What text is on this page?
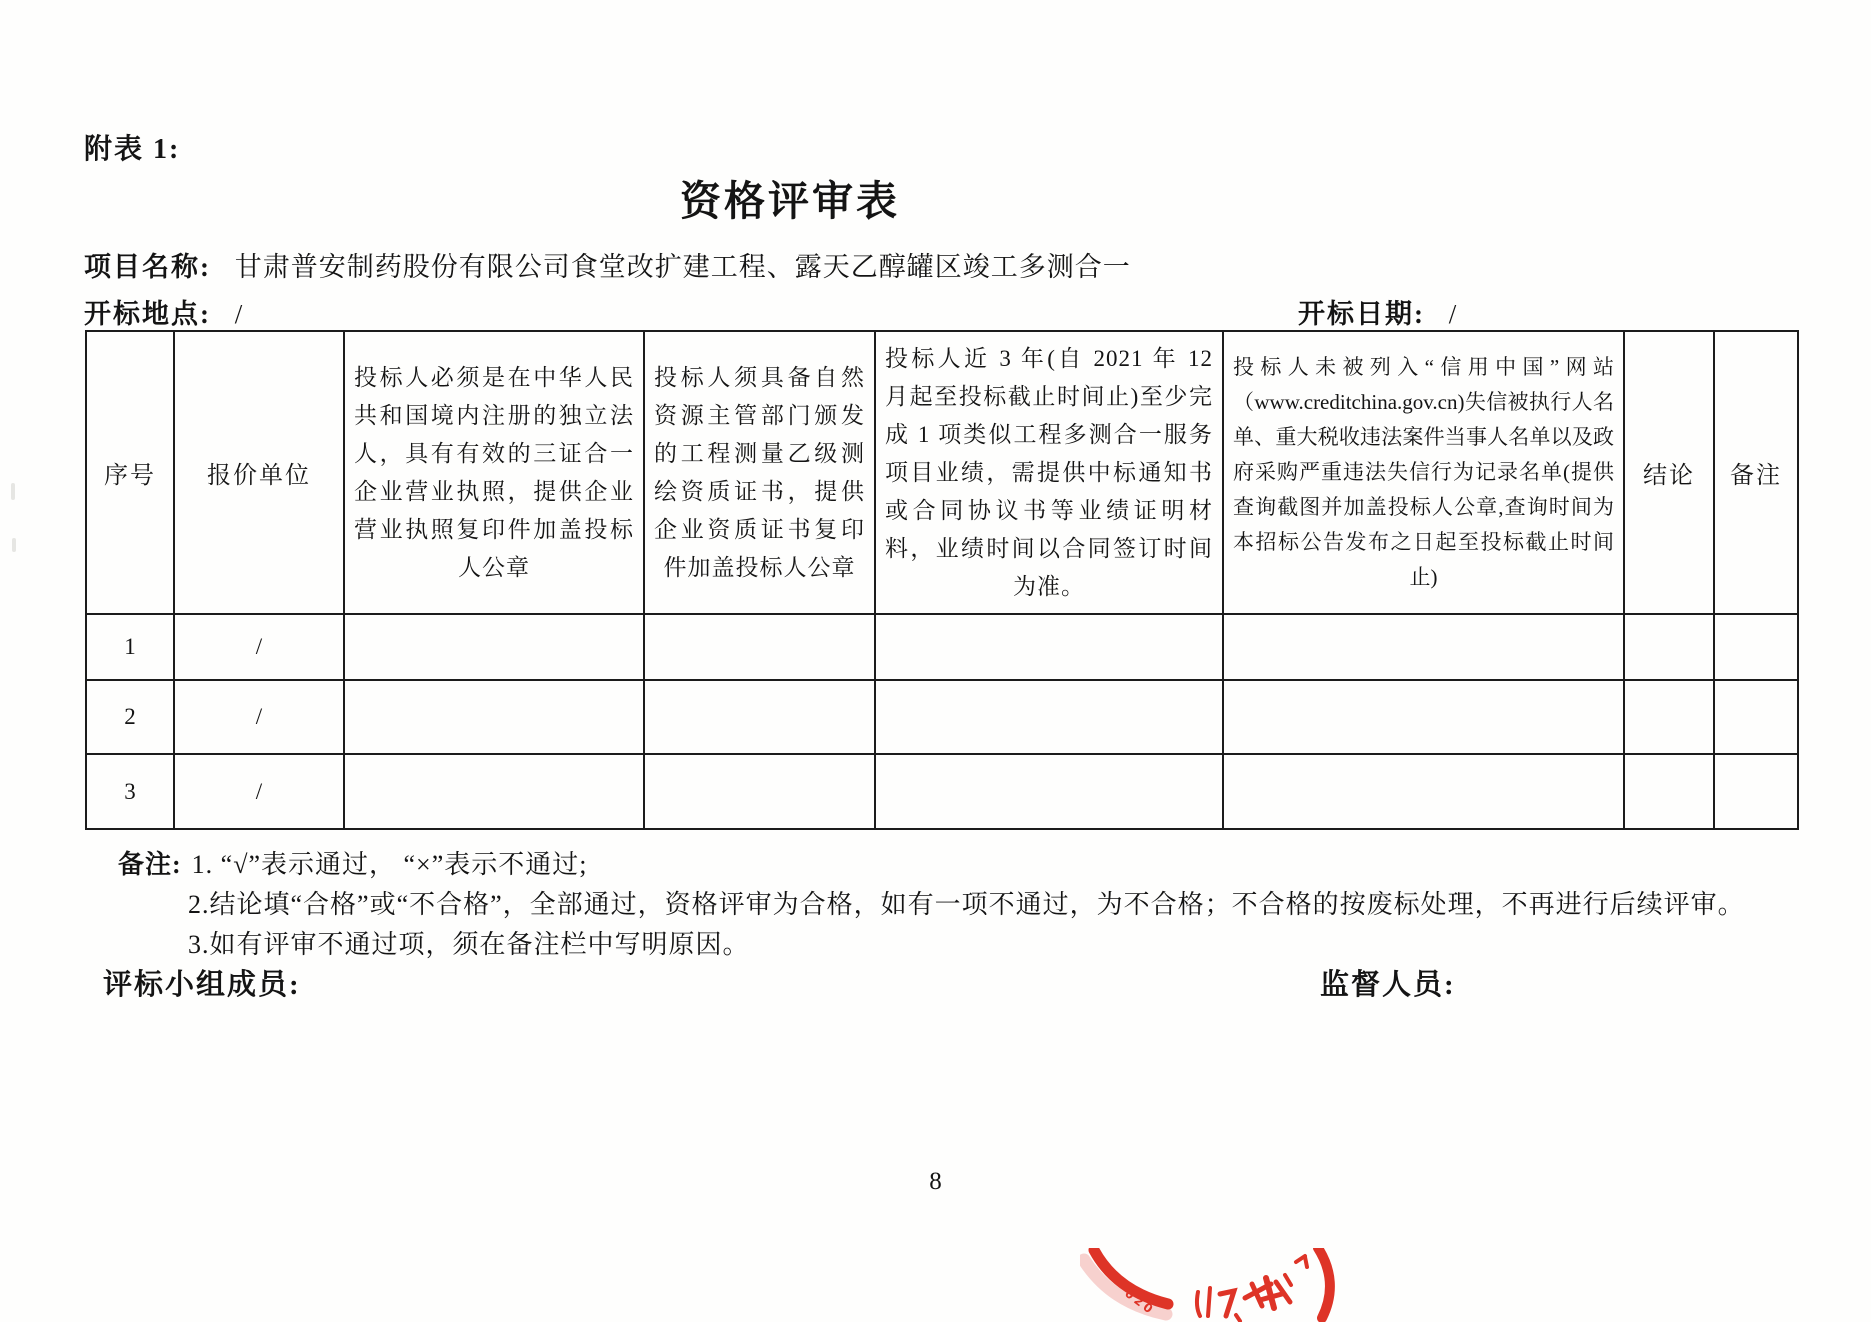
附表 1:
资格评审表
项目名称: 甘肃普安制药股份有限公司食堂改扩建工程、露天乙醇罐区竣工多测合一
开标地点: /	开标日期: /
序号	报价单位	投标人必须是在中华人民共和国境内注册的独立法人，具有有效的三证合一企业营业执照，提供企业营业执照复印件加盖投标人公章	投标人须具备自然资源主管部门颁发的工程测量乙级测绘资质证书，提供企业资质证书复印件加盖投标人公章	投标人近 3 年(自 2021 年 12 月起至投标截止时间止)至少完成 1 项类似工程多测合一服务项目业绩，需提供中标通知书或合同协议书等业绩证明材料，业绩时间以合同签订时间为准。	投标人未被列入“信用中国”网站（www.creditchina.gov.cn)失信被执行人名单、重大税收违法案件当事人名单以及政府采购严重违法失信行为记录名单(提供查询截图并加盖投标人公章,查询时间为本招标公告发布之日起至投标截止时间止)	结论	备注
1	/						
2	/						
3	/						
备注: 1. “√”表示通过， “×”表示不通过;
2.结论填“合格”或“不合格”，全部通过，资格评审为合格，如有一项不通过，为不合格；不合格的按废标处理，不再进行后续评审。
3.如有评审不通过项，须在备注栏中写明原因。
评标小组成员:	监督人员:
8
020
